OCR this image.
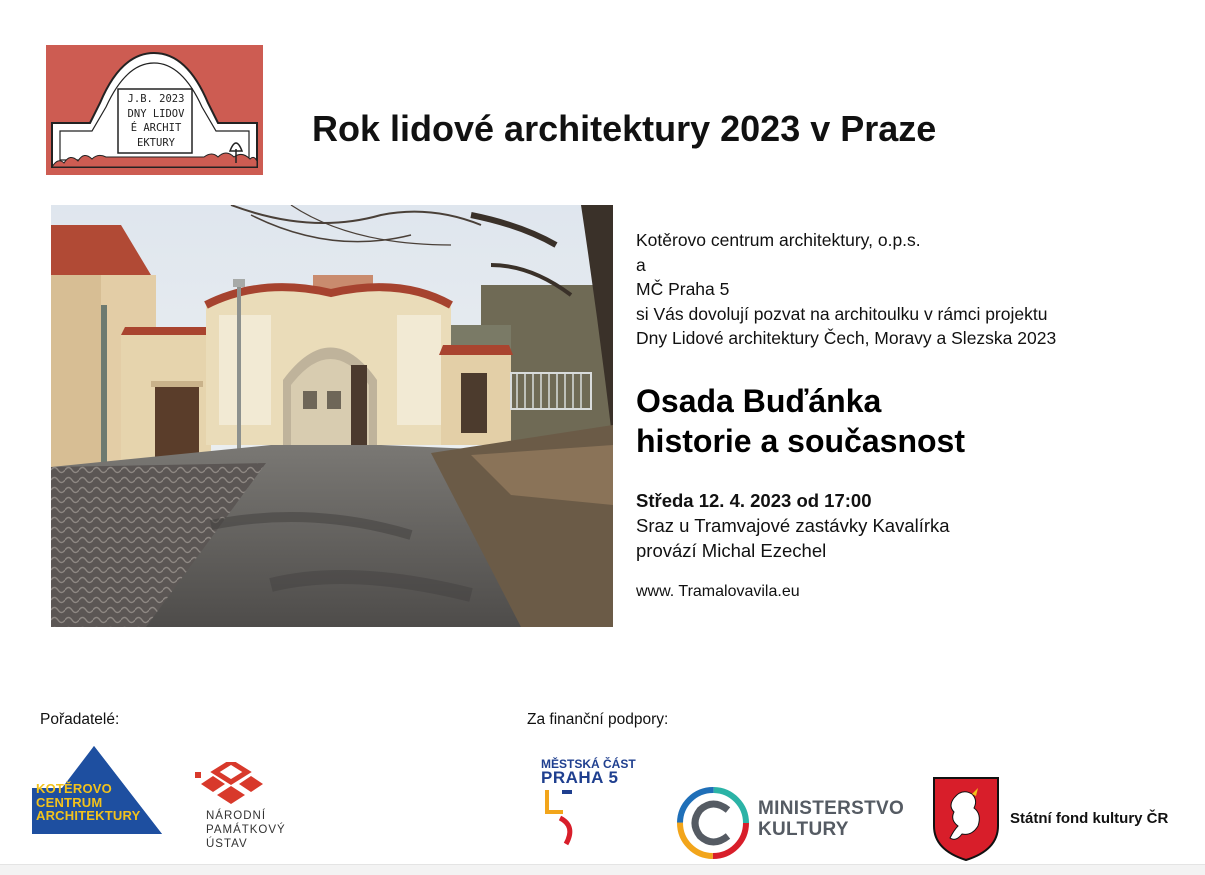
J.B. 2023
DNY LIDOV
É ARCHIT
EKTURY	Rok lidové architektury 2023 v Praze
Kotěrovo centrum architektury, o.p.s.
a
MČ Praha 5
si Vás dovolují pozvat na architoulku v rámci projektu
Dny Lidové architektury Čech, Moravy a Slezska 2023
Osada Buďánka
historie a současnost
Středa 12. 4. 2023 od 17:00
Sraz u Tramvajové zastávky Kavalírka
provází Michal Ezechel
www. Tramalovavila.eu
Pořadatelé:	Za finanční podpory:
KOTĚROVO
CENTRUM
ARCHITEKTURY	NÁRODNÍ
PAMÁTKOVÝ
ÚSTAV
MĚSTSKÁ ČÁST
PRAHA 5
MINISTERSTVO
KULTURY
Státní fond kultury ČR
